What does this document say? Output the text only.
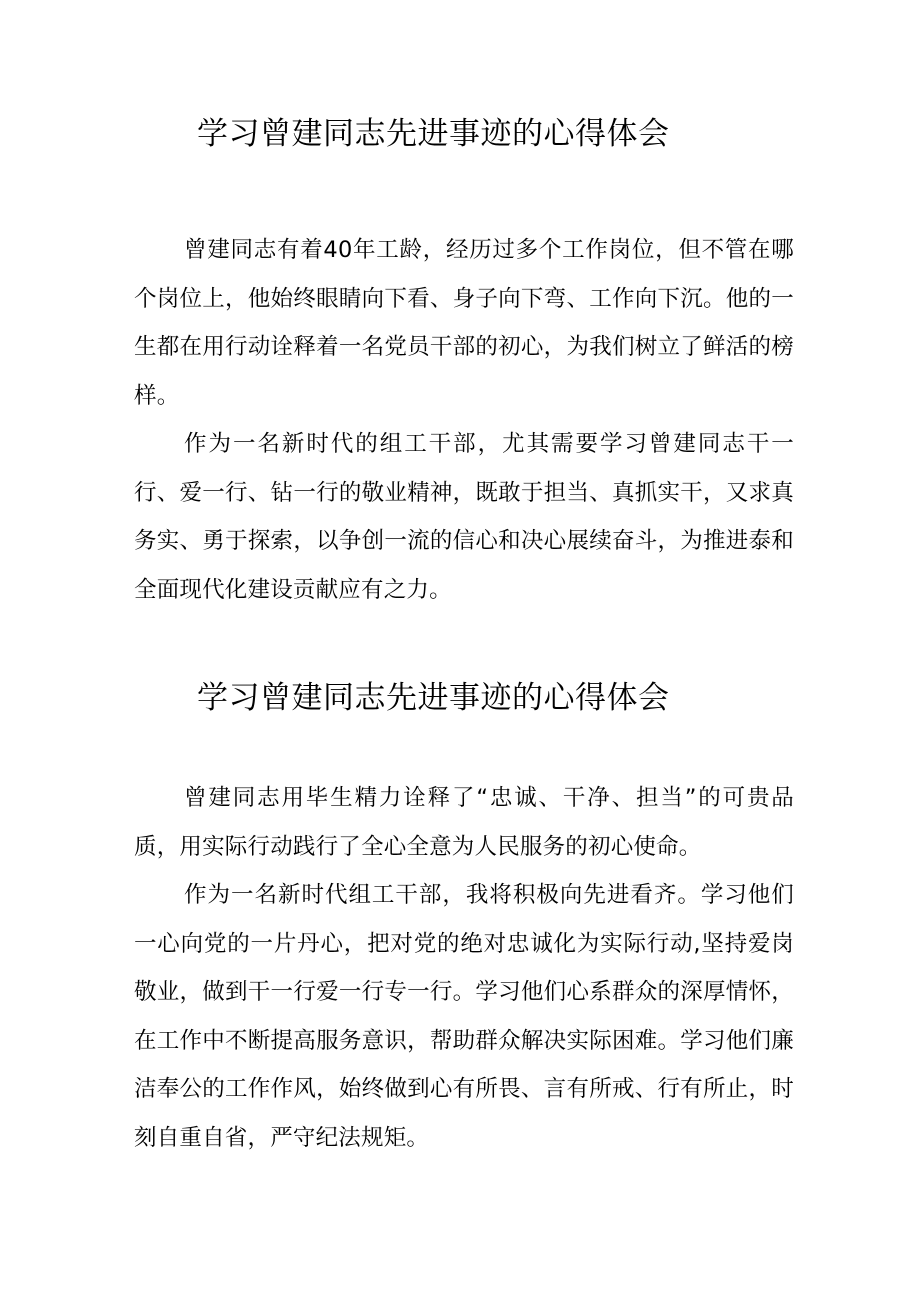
学习曾建同志先进事迹的心得体会

曾建同志有着40年工龄，经历过多个工作岗位，但不管在哪个岗位上，他始终眼睛向下看、身子向下弯、工作向下沉。他的一生都在用行动诠释着一名党员干部的初心，为我们树立了鲜活的榜样。

作为一名新时代的组工干部，尤其需要学习曾建同志干一行、爱一行、钻一行的敬业精神，既敢于担当、真抓实干，又求真务实、勇于探索，以争创一流的信心和决心展续奋斗，为推进泰和全面现代化建设贡献应有之力。

学习曾建同志先进事迹的心得体会

曾建同志用毕生精力诠释了“忠诚、干净、担当”的可贵品质，用实际行动践行了全心全意为人民服务的初心使命。

作为一名新时代组工干部，我将积极向先进看齐。学习他们一心向党的一片丹心，把对党的绝对忠诚化为实际行动,坚持爱岗敬业，做到干一行爱一行专一行。学习他们心系群众的深厚情怀，在工作中不断提高服务意识，帮助群众解决实际困难。学习他们廉洁奉公的工作作风，始终做到心有所畏、言有所戒、行有所止，时刻自重自省，严守纪法规矩。
